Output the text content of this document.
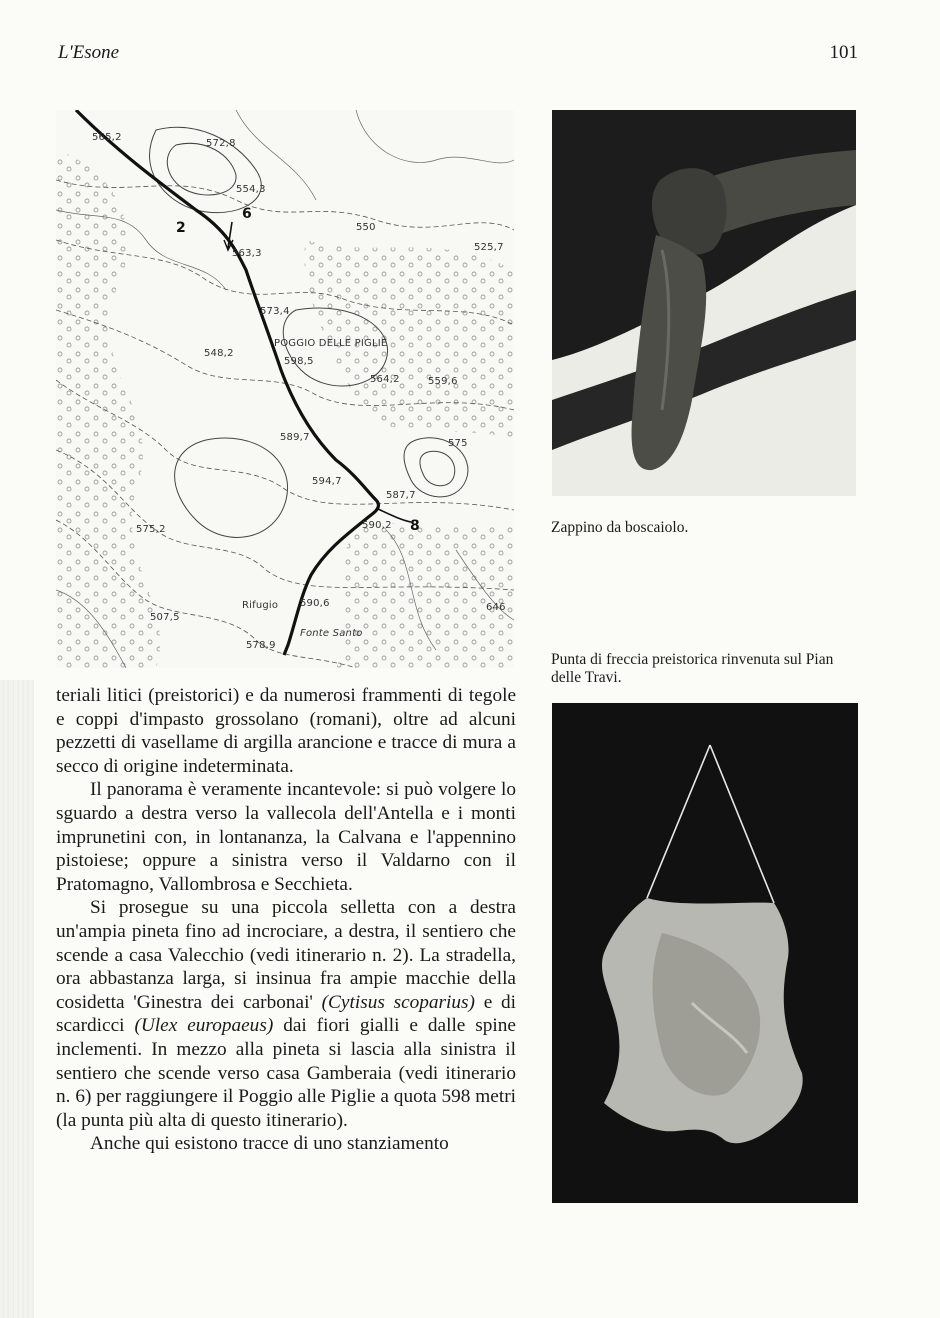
L'Esone	101
2
6
8
POGGIO DELLE PIGLIE
Rifugio
Fonte Santo
565,2
572,8
554,3
550
525,7
563,3
573,4
548,2
598,5
564,2	559,6
589,7
575
594,7
587,7
590,2
575,2
590,6	646
507,5
578,9

teriali litici (preistorici) e da numerosi frammenti di tegole e coppi d'impasto grossolano (romani), oltre ad alcuni pezzetti di vasellame di argilla arancione e tracce di mura a secco di origine indeterminata.

Il panorama è veramente incantevole: si può volgere lo sguardo a destra verso la vallecola dell'Antella e i monti imprunetini con, in lontananza, la Calvana e l'appennino pistoiese; oppure a sinistra verso il Valdarno con il Pratomagno, Vallombrosa e Secchieta.

Si prosegue su una piccola selletta con a destra un'ampia pineta fino ad incrociare, a destra, il sentiero che scende a casa Valecchio (vedi itinerario n. 2). La stradella, ora abbastanza larga, si insinua fra ampie macchie della cosidetta 'Ginestra dei carbonai' (Cytisus scoparius) e di scardicci (Ulex europaeus) dai fiori gialli e dalle spine inclementi. In mezzo alla pineta si lascia alla sinistra il sentiero che scende verso casa Gamberaia (vedi itinerario n. 6) per raggiungere il Poggio alle Piglie a quota 598 metri (la punta più alta di questo itinerario).

Anche qui esistono tracce di uno stanziamento

Zappino da boscaiolo.
Punta di freccia preistorica rinvenuta sul Pian delle Travi.
